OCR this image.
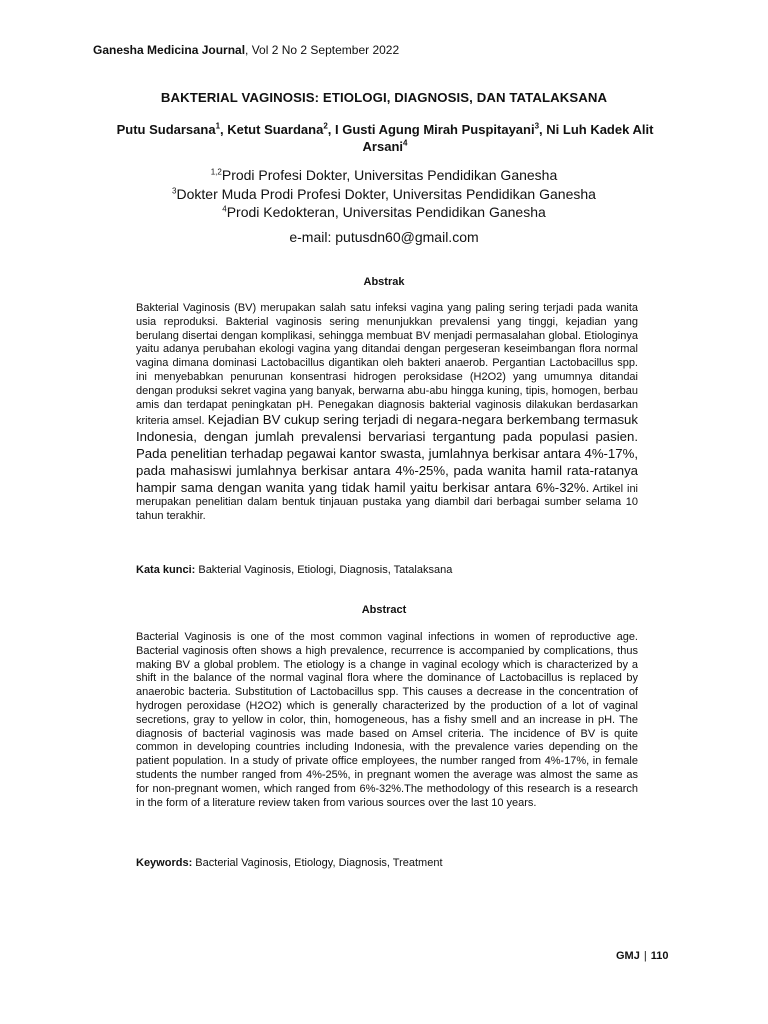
Ganesha Medicina Journal, Vol 2 No 2 September 2022
BAKTERIAL VAGINOSIS: ETIOLOGI, DIAGNOSIS, DAN TATALAKSANA
Putu Sudarsana$^1$, Ketut Suardana$^2$, I Gusti Agung Mirah Puspitayani$^3$, Ni Luh Kadek Alit Arsani$^4$
$^{1,2}$Prodi Profesi Dokter, Universitas Pendidikan Ganesha
$^3$Dokter Muda Prodi Profesi Dokter, Universitas Pendidikan Ganesha
$^4$Prodi Kedokteran, Universitas Pendidikan Ganesha
e-mail: putusdn60@gmail.com
Abstrak
Bakterial Vaginosis (BV) merupakan salah satu infeksi vagina yang paling sering terjadi pada wanita usia reproduksi. Bakterial vaginosis sering menunjukkan prevalensi yang tinggi, kejadian yang berulang disertai dengan komplikasi, sehingga membuat BV menjadi permasalahan global. Etiologinya yaitu adanya perubahan ekologi vagina yang ditandai dengan pergeseran keseimbangan flora normal vagina dimana dominasi Lactobacillus digantikan oleh bakteri anaerob. Pergantian Lactobacillus spp. ini menyebabkan penurunan konsentrasi hidrogen peroksidase (H2O2) yang umumnya ditandai dengan produksi sekret vagina yang banyak, berwarna abu-abu hingga kuning, tipis, homogen, berbau amis dan terdapat peningkatan pH. Penegakan diagnosis bakterial vaginosis dilakukan berdasarkan kriteria amsel. Kejadian BV cukup sering terjadi di negara-negara berkembang termasuk Indonesia, dengan jumlah prevalensi bervariasi tergantung pada populasi pasien. Pada penelitian terhadap pegawai kantor swasta, jumlahnya berkisar antara 4%-17%, pada mahasiswi jumlahnya berkisar antara 4%-25%, pada wanita hamil rata-ratanya hampir sama dengan wanita yang tidak hamil yaitu berkisar antara 6%-32%. Artikel ini merupakan penelitian dalam bentuk tinjauan pustaka yang diambil dari berbagai sumber selama 10 tahun terakhir.
Kata kunci: Bakterial Vaginosis, Etiologi, Diagnosis, Tatalaksana
Abstract
Bacterial Vaginosis is one of the most common vaginal infections in women of reproductive age. Bacterial vaginosis often shows a high prevalence, recurrence is accompanied by complications, thus making BV a global problem. The etiology is a change in vaginal ecology which is characterized by a shift in the balance of the normal vaginal flora where the dominance of Lactobacillus is replaced by anaerobic bacteria. Substitution of Lactobacillus spp. This causes a decrease in the concentration of hydrogen peroxidase (H2O2) which is generally characterized by the production of a lot of vaginal secretions, gray to yellow in color, thin, homogeneous, has a fishy smell and an increase in pH. The diagnosis of bacterial vaginosis was made based on Amsel criteria. The incidence of BV is quite common in developing countries including Indonesia, with the prevalence varies depending on the patient population. In a study of private office employees, the number ranged from 4%-17%, in female students the number ranged from 4%-25%, in pregnant women the average was almost the same as for non-pregnant women, which ranged from 6%-32%.The methodology of this research is a research in the form of a literature review taken from various sources over the last 10 years.
Keywords: Bacterial Vaginosis, Etiology, Diagnosis, Treatment
GMJ | 110
